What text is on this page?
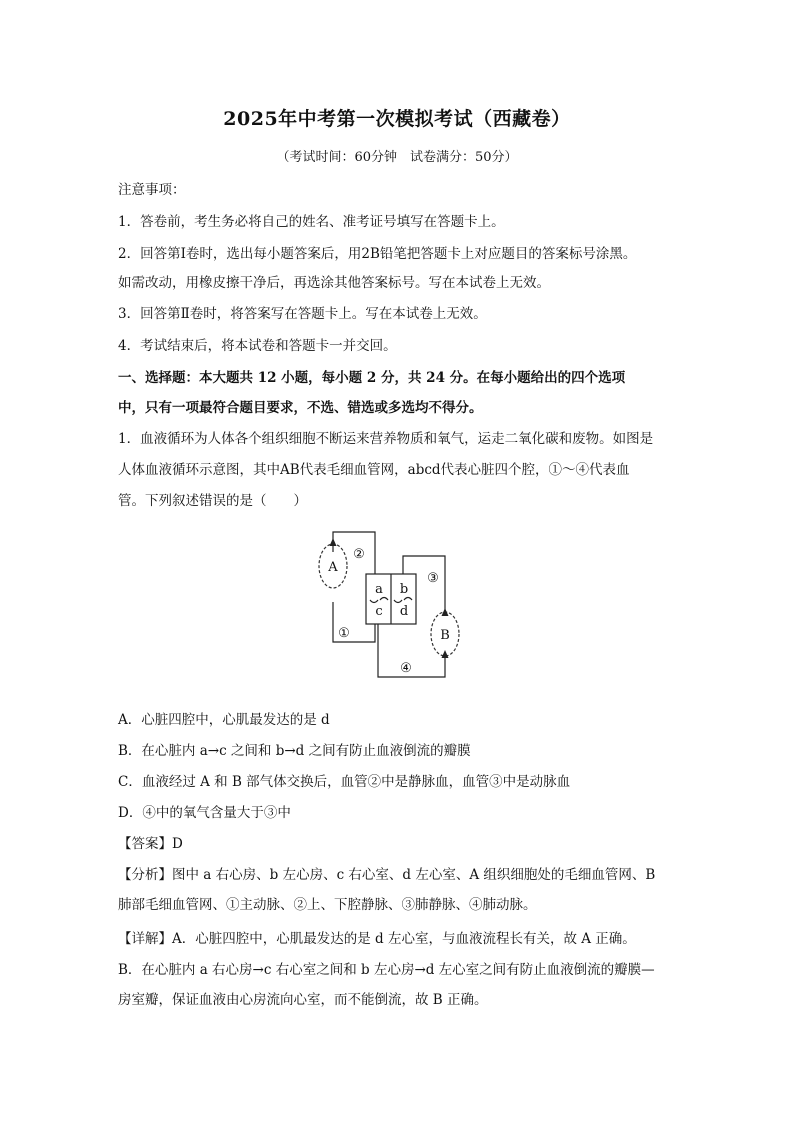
2025年中考第一次模拟考试（西藏卷）
（考试时间：60分钟　试卷满分：50分）
注意事项：
1．答卷前，考生务必将自己的姓名、准考证号填写在答题卡上。
2．回答第Ⅰ卷时，选出每小题答案后，用2B铅笔把答题卡上对应题目的答案标号涂黑。
如需改动，用橡皮擦干净后，再选涂其他答案标号。写在本试卷上无效。
3．回答第Ⅱ卷时，将答案写在答题卡上。写在本试卷上无效。
4．考试结束后，将本试卷和答题卡一并交回。
一、选择题：本大题共 12 小题，每小题 2 分，共 24 分。在每小题给出的四个选项
中，只有一项最符合题目要求，不选、错选或多选均不得分。
1．血液循环为人体各个组织细胞不断运来营养物质和氧气，运走二氧化碳和废物。如图是
人体血液循环示意图，其中AB代表毛细血管网，abcd代表心脏四个腔，①～④代表血
管。下列叙述错误的是（　　）
A
B
a b
c d
②
①
③
④
A．心脏四腔中，心肌最发达的是 d
B．在心脏内 a→c 之间和 b→d 之间有防止血液倒流的瓣膜
C．血液经过 A 和 B 部气体交换后，血管②中是静脉血，血管③中是动脉血
D．④中的氧气含量大于③中
【答案】D
【分析】图中 a 右心房、b 左心房、c 右心室、d 左心室、A 组织细胞处的毛细血管网、B
肺部毛细血管网、①主动脉、②上、下腔静脉、③肺静脉、④肺动脉。
【详解】A．心脏四腔中，心肌最发达的是 d 左心室，与血液流程长有关，故 A 正确。
B．在心脏内 a 右心房→c 右心室之间和 b 左心房→d 左心室之间有防止血液倒流的瓣膜—
房室瓣，保证血液由心房流向心室，而不能倒流，故 B 正确。
